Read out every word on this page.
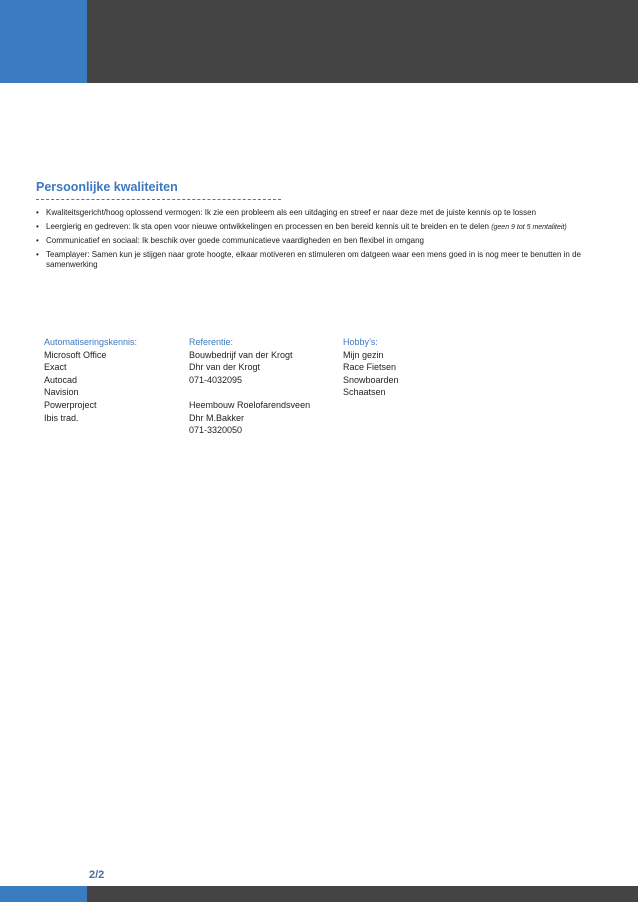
Persoonlijke kwaliteiten
• Kwaliteitsgericht/hoog oplossend vermogen: Ik zie een probleem als een uitdaging en streef er naar deze met de juiste kennis op te lossen
• Leergierig en gedreven: Ik sta open voor nieuwe ontwikkelingen en processen en ben bereid kennis uit te breiden en te delen (geen 9 tot 5 mentaliteit)
• Communicatief en sociaal: Ik beschik over goede communicatieve vaardigheden en ben flexibel in omgang
• Teamplayer: Samen kun je stijgen naar grote hoogte, elkaar motiveren en stimuleren om datgeen waar een mens goed in is nog meer te benutten in de samenwerking
Automatiseringskennis:
Microsoft Office
Exact
Autocad
Navision
Powerproject
Ibis trad.
Referentie:
Bouwbedrijf van der Krogt
Dhr van der Krogt
071-4032095
Heembouw Roelofarendsveen
Dhr M.Bakker
071-3320050
Hobby’s:
Mijn gezin
Race Fietsen
Snowboarden
Schaatsen
2/2
